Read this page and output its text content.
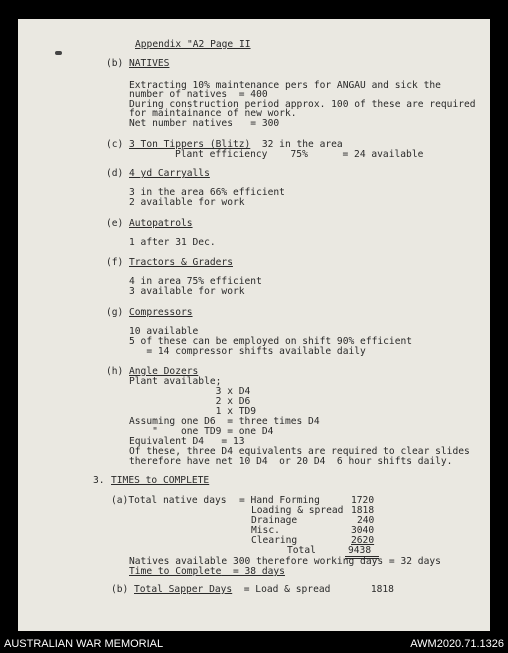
Appendix "A2 Page II
(b) NATIVES
Extracting 10% maintenance pers for ANGAU and sick the
number of natives  = 400
During construction period approx. 100 of these are required
for maintainance of new work.
Net number natives   = 300
(c) 3 Ton Tippers (Blitz)  32 in the area
Plant efficiency    75%      = 24 available
(d) 4 yd Carryalls
3 in the area 66% efficient
2 available for work
(e) Autopatrols
1 after 31 Dec.
(f) Tractors & Graders
4 in area 75% efficient
3 available for work
(g) Compressors
10 available
5 of these can be employed on shift 90% efficient
= 14 compressor shifts available daily
(h) Angle Dozers
Plant available;
3 x D4
2 x D6
1 x TD9
Assuming one D6  = three times D4
"    one TD9 = one D4
Equivalent D4   = 13
Of these, three D4 equivalents are required to clear slides
therefore have net 10 D4  or 20 D4  6 hour shifts daily.
3. TIMES to COMPLETE
(a)Total native days = Hand Forming	1720
Loading & spread 1818
Drainage	240
Misc.	3040
Clearing	2620
Total	9438
Natives available 300 therefore working days = 32 days
Time to Complete  = 38 days
(b) Total Sapper Days  = Load & spread       1818
AUSTRALIAN WAR MEMORIAL	AWM2020.71.1326
